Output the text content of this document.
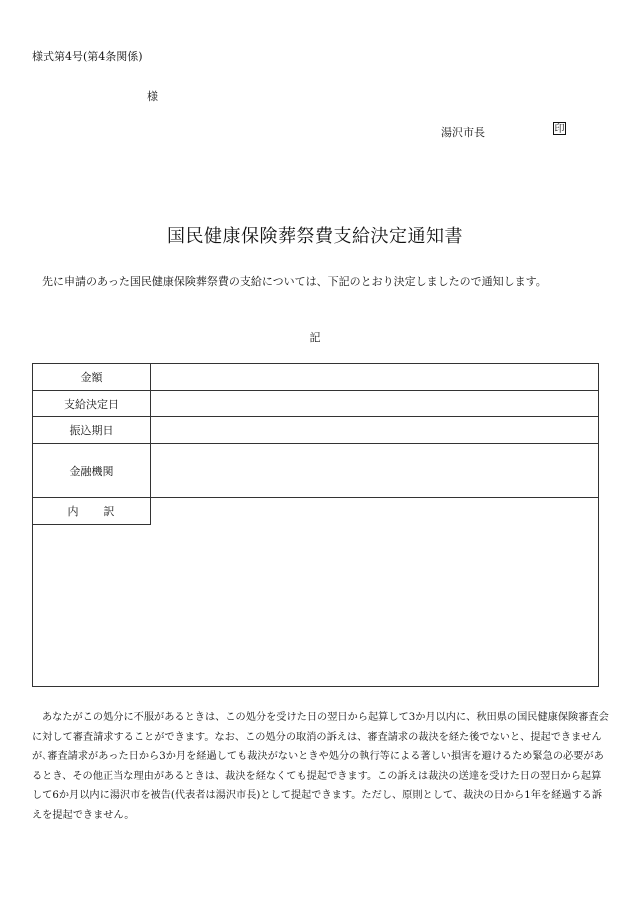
様式第4号(第4条関係)
様
湯沢市長	印
国民健康保険葬祭費支給決定通知書
先に申請のあった国民健康保険葬祭費の支給については、下記のとおり決定しましたので通知します。
記
金額
支給決定日
振込期日
金融機関
内　　訳
あなたがこの処分に不服があるときは、この処分を受けた日の翌日から起算して3か月以内に、秋田県の国民健康保険審査会
に対して審査請求することができます。なお、この処分の取消の訴えは、審査請求の裁決を経た後でないと、提起できません
が､審査請求があった日から3か月を経過しても裁決がないときや処分の執行等による著しい損害を避けるため緊急の必要があ
るとき、その他正当な理由があるときは、裁決を経なくても提起できます。この訴えは裁決の送達を受けた日の翌日から起算
して6か月以内に湯沢市を被告(代表者は湯沢市長)として提起できます。ただし、原則として、裁決の日から1年を経過する訴
えを提起できません。
